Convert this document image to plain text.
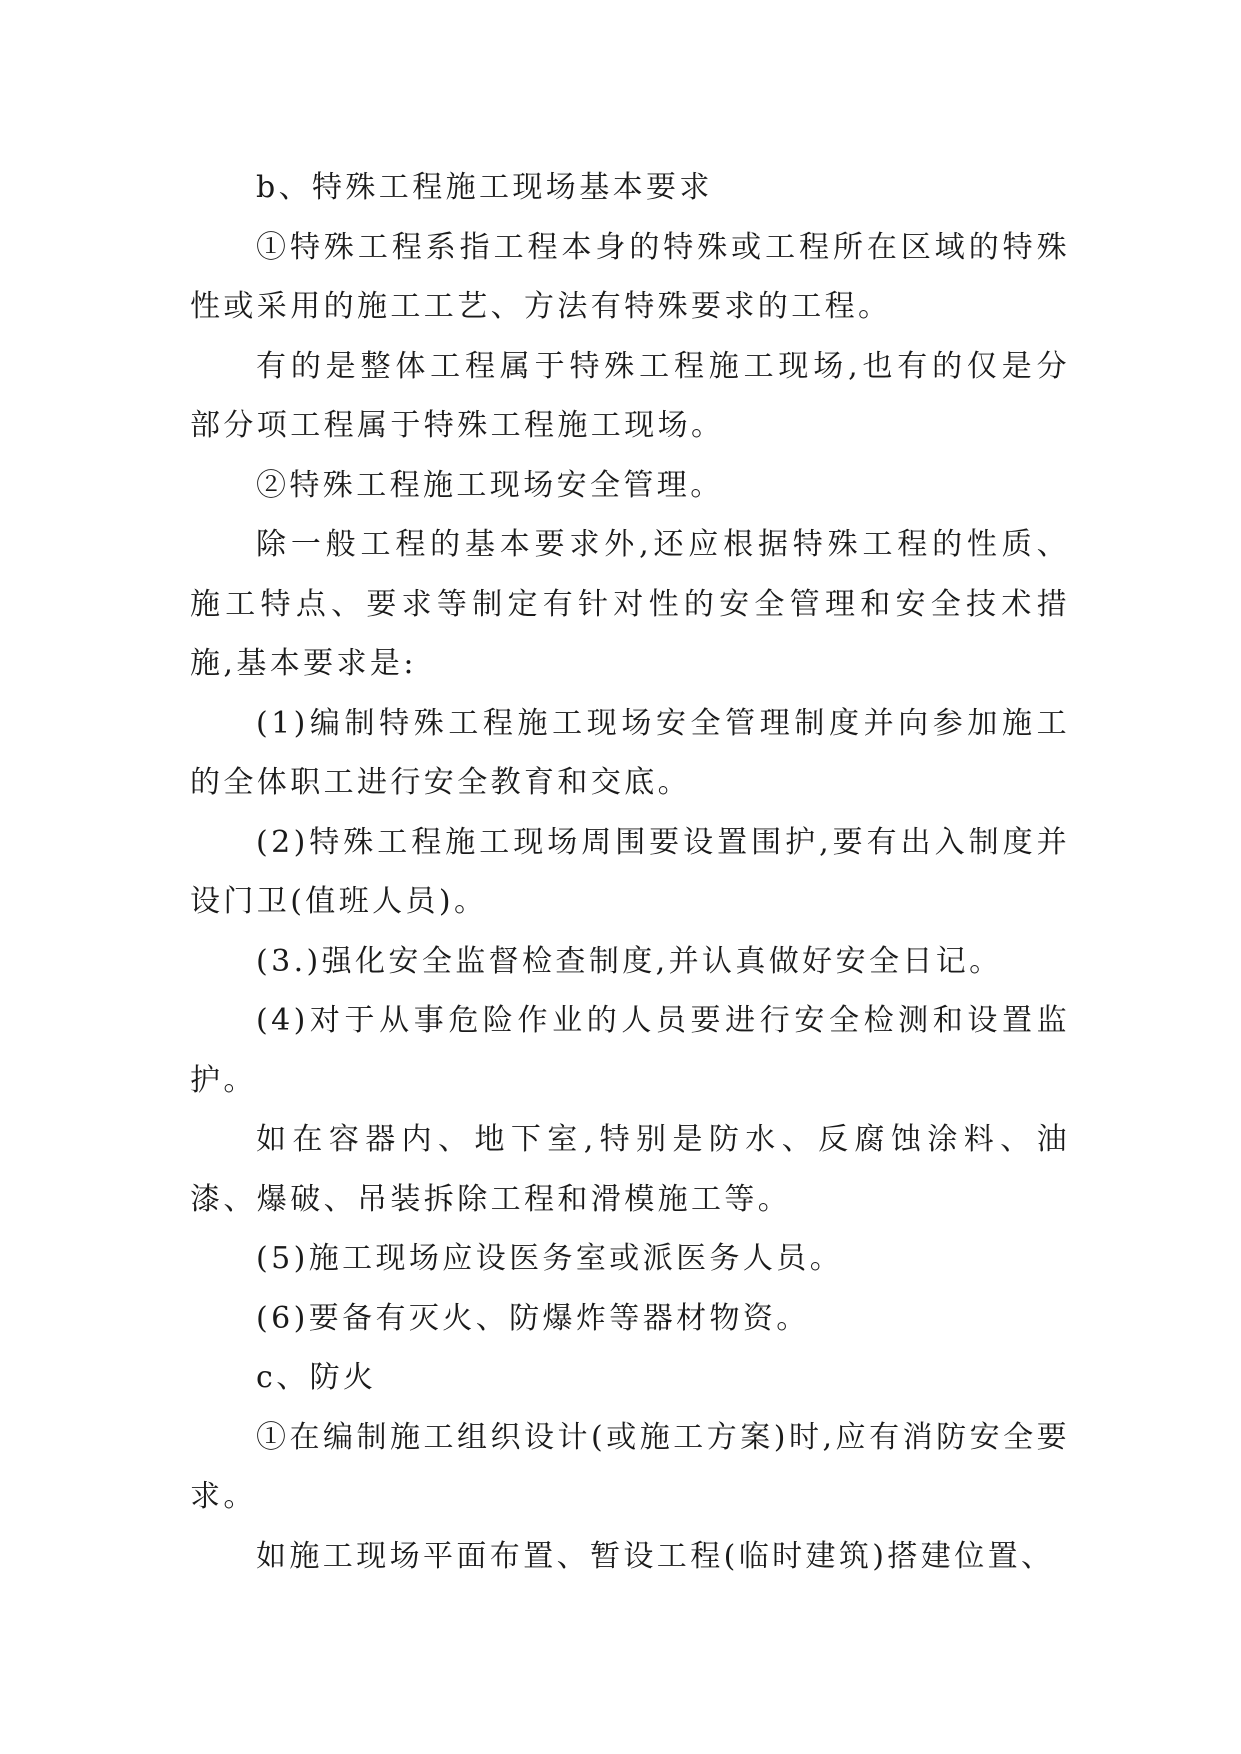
b、特殊工程施工现场基本要求

①特殊工程系指工程本身的特殊或工程所在区域的特殊性或采用的施工工艺、方法有特殊要求的工程。

有的是整体工程属于特殊工程施工现场,也有的仅是分部分项工程属于特殊工程施工现场。

②特殊工程施工现场安全管理。

除一般工程的基本要求外,还应根据特殊工程的性质、施工特点、要求等制定有针对性的安全管理和安全技术措施,基本要求是:

(1)编制特殊工程施工现场安全管理制度并向参加施工的全体职工进行安全教育和交底。

(2)特殊工程施工现场周围要设置围护,要有出入制度并设门卫(值班人员)。

(3.)强化安全监督检查制度,并认真做好安全日记。

(4)对于从事危险作业的人员要进行安全检测和设置监护。

如在容器内、地下室,特别是防水、反腐蚀涂料、油漆、爆破、吊装拆除工程和滑模施工等。

(5)施工现场应设医务室或派医务人员。

(6)要备有灭火、防爆炸等器材物资。

c、防火

①在编制施工组织设计(或施工方案)时,应有消防安全要求。

如施工现场平面布置、暂设工程(临时建筑)搭建位置、
